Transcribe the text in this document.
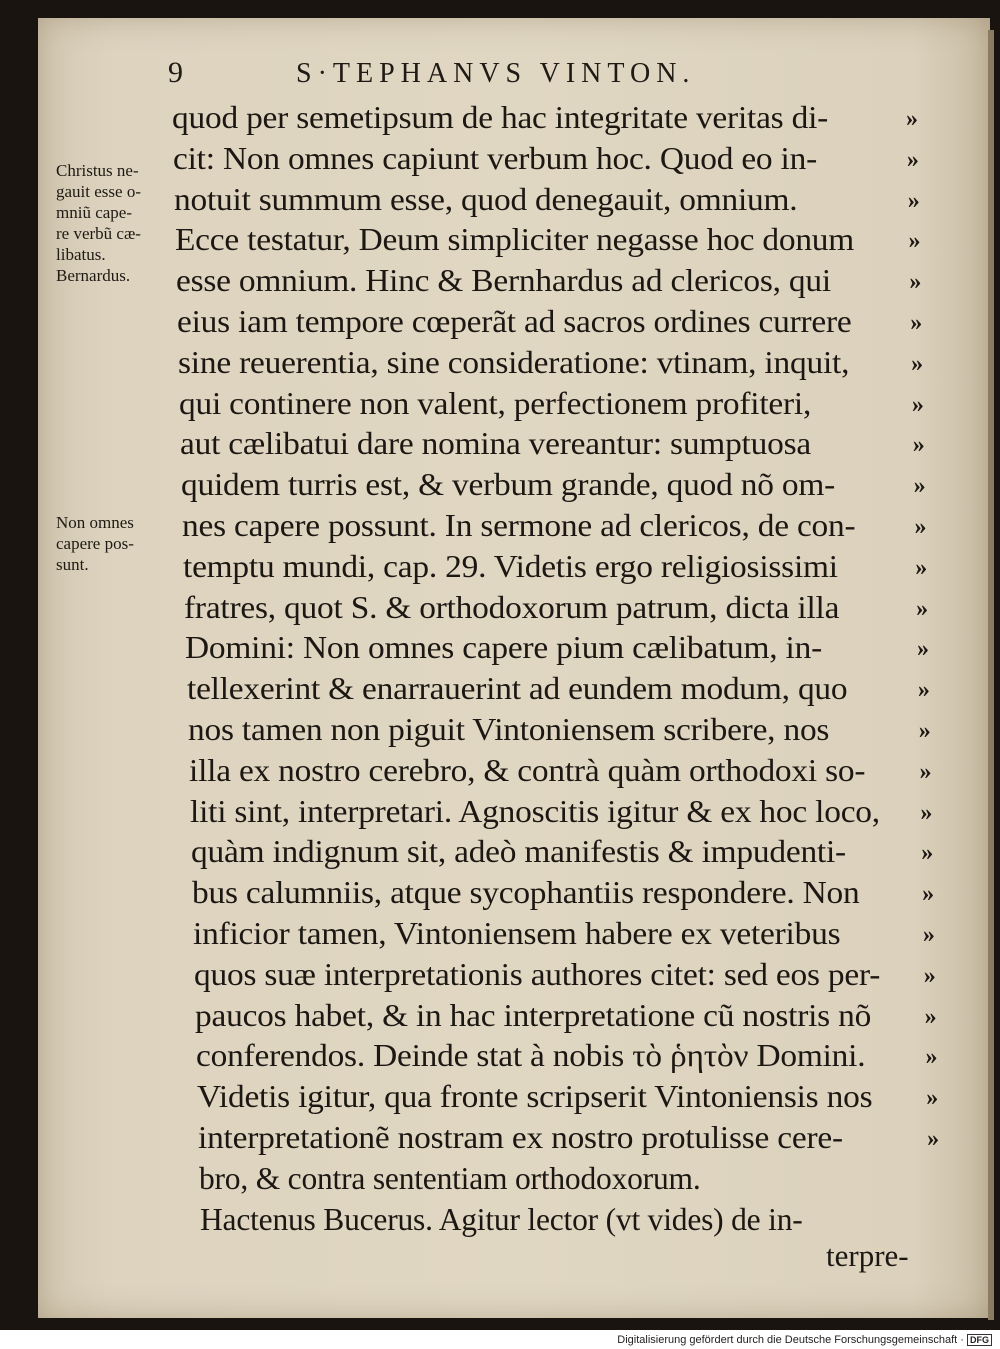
9	S·TEPHANVS VINTON.
Christus ne-
gauit esse o-
mniũ cape-
re verbũ cæ-
libatus.
Bernardus.
Non omnes
capere pos-
sunt.
quod per semetipsum de hac integritate veritas di-	»
cit: Non omnes capiunt verbum hoc. Quod eo in-	»
notuit summum esse, quod denegauit, omnium.	»
Ecce testatur, Deum simpliciter negasse hoc donum »
esse omnium. Hinc & Bernhardus ad clericos, qui	»
eius iam tempore cœperãt ad sacros ordines currere »
sine reuerentia, sine consideratione: vtinam, inquit,	»
qui continere non valent, perfectionem profiteri,	»
aut cælibatui dare nomina vereantur: sumptuosa	»
quidem turris est, & verbum grande, quod nõ om-	»
nes capere possunt. In sermone ad clericos, de con- »
temptu mundi, cap. 29. Videtis ergo religiosissimi	»
fratres, quot S. & orthodoxorum patrum, dicta illa	»
Domini: Non omnes capere pium cælibatum, in-	»
tellexerint & enarrauerint ad eundem modum, quo	»
nos tamen non piguit Vintoniensem scribere, nos	»
illa ex nostro cerebro, & contrà quàm orthodoxi so- »
liti sint, interpretari. Agnoscitis igitur & ex hoc loco, »
quàm indignum sit, adeò manifestis & impudenti-	»
bus calumniis, atque sycophantiis respondere. Non	»
inficior tamen, Vintoniensem habere ex veteribus	»
quos suæ interpretationis authores citet: sed eos per- »
paucos habet, & in hac interpretatione cũ nostris nõ »
conferendos. Deinde stat à nobis τὸ ῥητὸν Domini.	»
Videtis igitur, qua fronte scripserit Vintoniensis nos »
interpretationẽ nostram ex nostro protulisse cere-	»
bro, & contra sententiam orthodoxorum.
Hactenus Bucerus. Agitur lector (vt vides) de in-
terpre-
Digitalisierung gefördert durch die Deutsche Forschungsgemeinschaft · DFG
